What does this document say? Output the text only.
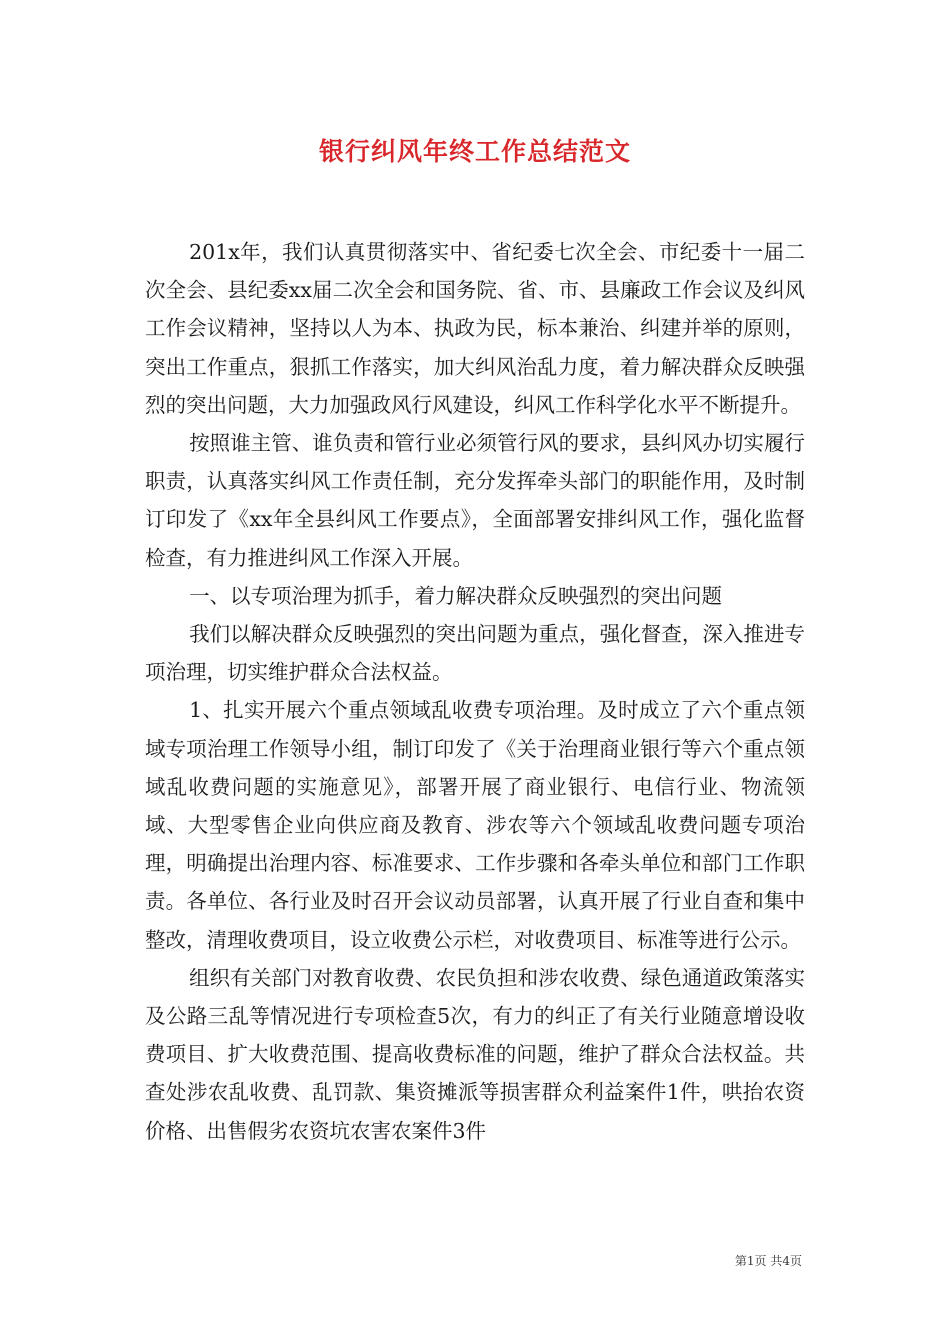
银行纠风年终工作总结范文

201x年，我们认真贯彻落实中、省纪委七次全会、市纪委十一届二次全会、县纪委xx届二次全会和国务院、省、市、县廉政工作会议及纠风工作会议精神，坚持以人为本、执政为民，标本兼治、纠建并举的原则，突出工作重点，狠抓工作落实，加大纠风治乱力度，着力解决群众反映强烈的突出问题，大力加强政风行风建设，纠风工作科学化水平不断提升。

按照谁主管、谁负责和管行业必须管行风的要求，县纠风办切实履行职责，认真落实纠风工作责任制，充分发挥牵头部门的职能作用，及时制订印发了《xx年全县纠风工作要点》，全面部署安排纠风工作，强化监督检查，有力推进纠风工作深入开展。

一、以专项治理为抓手，着力解决群众反映强烈的突出问题

我们以解决群众反映强烈的突出问题为重点，强化督查，深入推进专项治理，切实维护群众合法权益。

1、扎实开展六个重点领域乱收费专项治理。及时成立了六个重点领域专项治理工作领导小组，制订印发了《关于治理商业银行等六个重点领域乱收费问题的实施意见》，部署开展了商业银行、电信行业、物流领域、大型零售企业向供应商及教育、涉农等六个领域乱收费问题专项治理，明确提出治理内容、标准要求、工作步骤和各牵头单位和部门工作职责。各单位、各行业及时召开会议动员部署，认真开展了行业自查和集中整改，清理收费项目，设立收费公示栏，对收费项目、标准等进行公示。

组织有关部门对教育收费、农民负担和涉农收费、绿色通道政策落实及公路三乱等情况进行专项检查5次，有力的纠正了有关行业随意增设收费项目、扩大收费范围、提高收费标准的问题，维护了群众合法权益。共查处涉农乱收费、乱罚款、集资摊派等损害群众利益案件1件，哄抬农资价格、出售假劣农资坑农害农案件3件

第1页 共4页
